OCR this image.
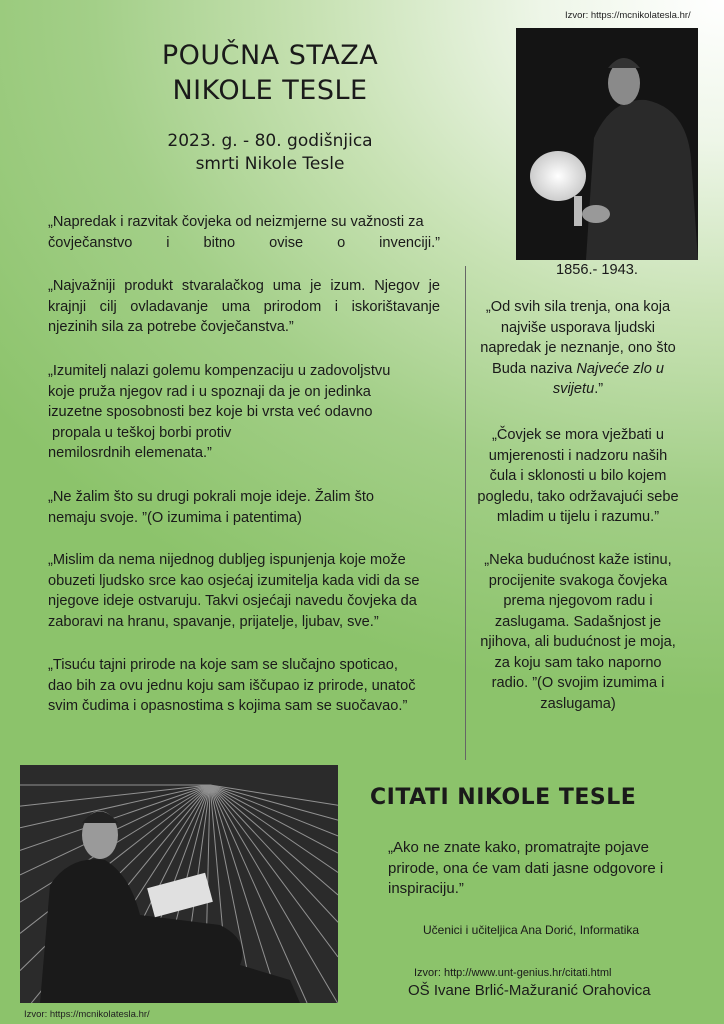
POUČNA STAZA
NIKOLE TESLE
2023. g. - 80. godišnjica
smrti Nikole Tesle
Izvor: https://mcnikolatesla.hr/
1856.- 1943.
„Napredak i razvitak čovjeka od neizmjerne su važnosti za
čovječanstvo i bitno ovise o invenciji.”
„Najvažniji produkt stvaralačkog uma je izum. Njegov je
krajnji cilj ovladavanje uma prirodom i iskorištavanje
njezinih sila za potrebe čovječanstva.”
„Izumitelj nalazi golemu kompenzaciju u zadovoljstvu
koje pruža njegov rad i u spoznaji da je on jedinka
izuzetne sposobnosti bez koje bi vrsta već odavno
propala u teškoj borbi protiv
nemilosrdnih elemenata.”
„Ne žalim što su drugi pokrali moje ideje. Žalim što
nemaju svoje. ”(O izumima i patentima)
„Mislim da nema nijednog dubljeg ispunjenja koje može
obuzeti ljudsko srce kao osjećaj izumitelja kada vidi da se
njegove ideje ostvaruju. Takvi osjećaji navedu čovjeka da
zaboravi na hranu, spavanje, prijatelje, ljubav, sve.”
„Tisuću tajni prirode na koje sam se slučajno spoticao,
dao bih za ovu jednu koju sam iščupao iz prirode, unatoč
svim čudima i opasnostima s kojima sam se suočavao.”
„Od svih sila trenja, ona koja
najviše usporava ljudski
napredak je neznanje, ono što
Buda naziva Najveće zlo u
svijetu.”
„Čovjek se mora vježbati u
umjerenosti i nadzoru naših
čula i sklonosti u bilo kojem
pogledu, tako održavajući sebe
mladim u tijelu i razumu.”
„Neka budućnost kaže istinu,
procijenite svakoga čovjeka
prema njegovom radu i
zaslugama. Sadašnjost je
njihova, ali budućnost je moja,
za koju sam tako naporno
radio. ”(O svojim izumima i
zaslugama)
Izvor: https://mcnikolatesla.hr/
CITATI NIKOLE TESLE
„Ako ne znate kako, promatrajte pojave
prirode, ona će vam dati jasne odgovore i
inspiraciju.”
Učenici i učiteljica Ana Dorić, Informatika
Izvor: http://www.unt-genius.hr/citati.html
OŠ Ivane Brlić-Mažuranić Orahovica
